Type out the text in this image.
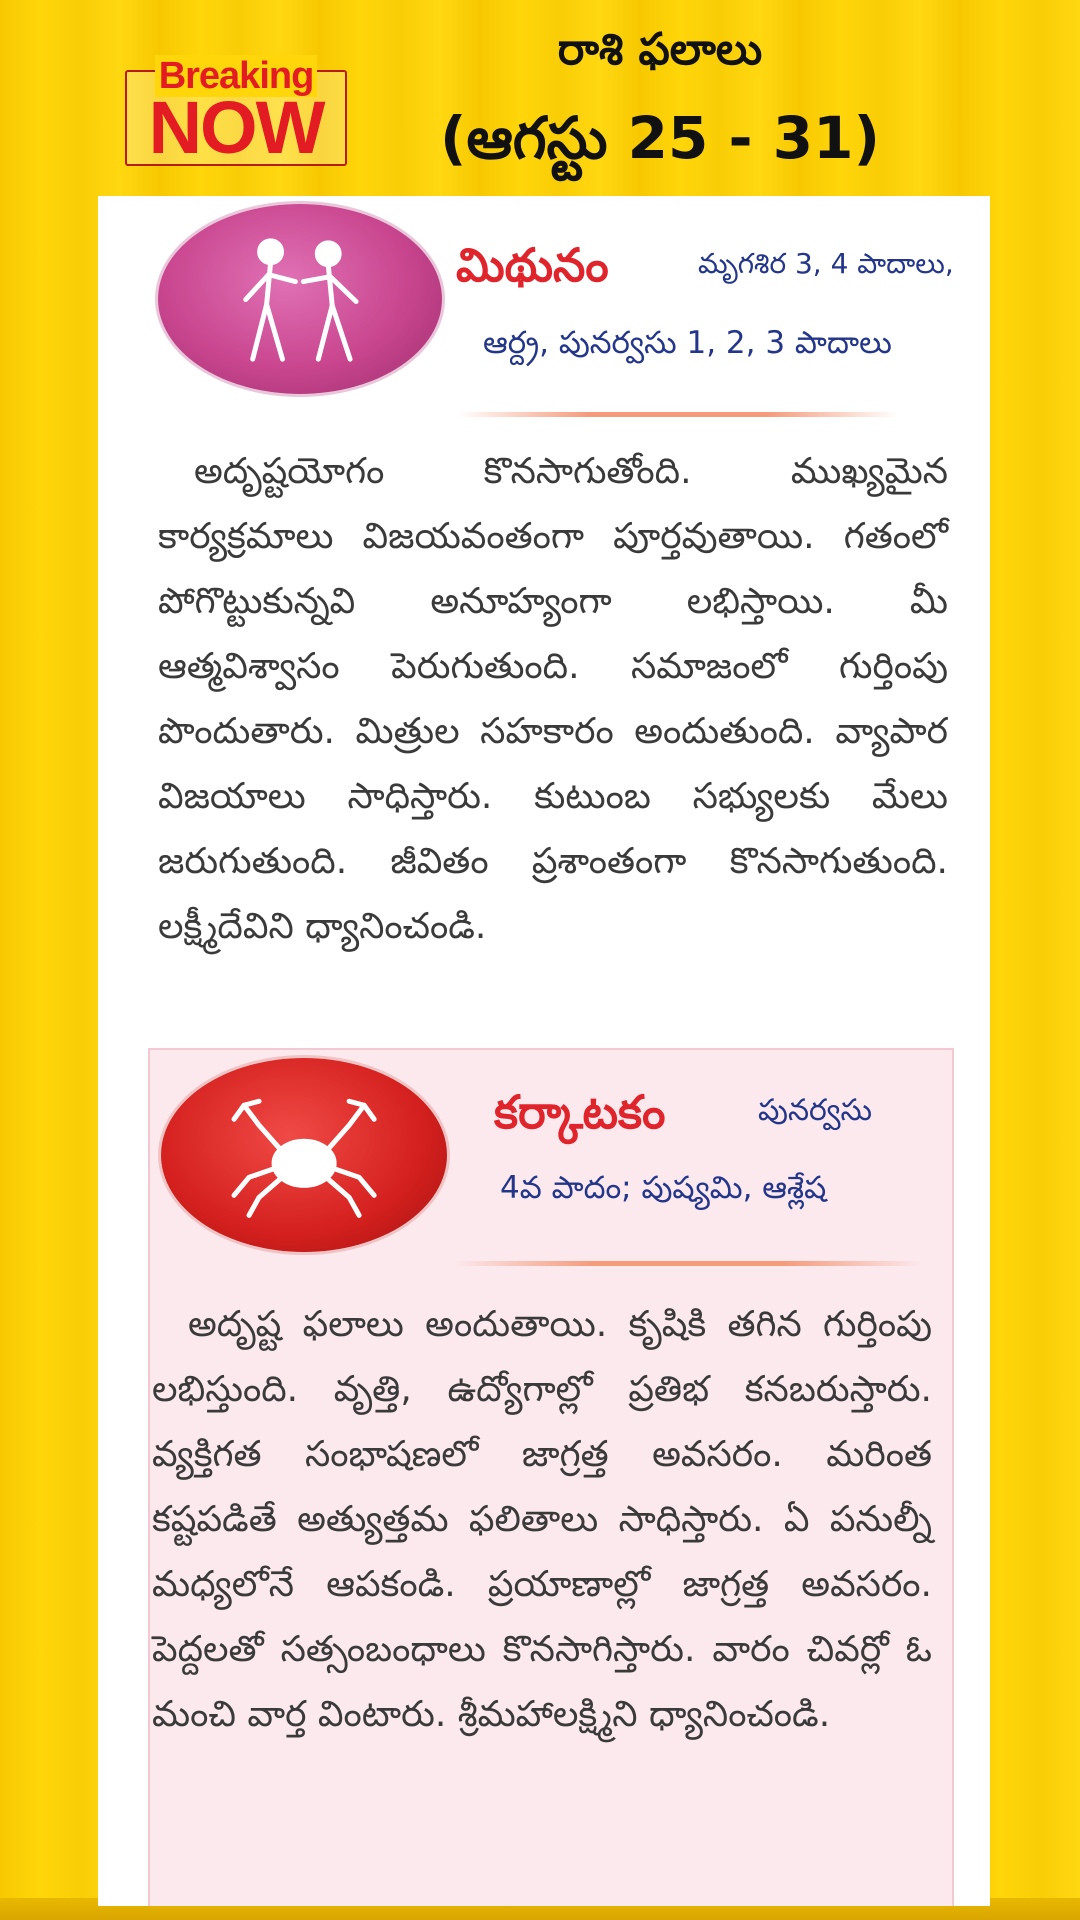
Breaking
NOW
రాశి ఫలాలు
(ఆగస్టు 25 - 31)
మిథునం	మృగశిర 3, 4 పాదాలు,
ఆర్ద్ర, పునర్వసు 1, 2, 3 పాదాలు
అదృష్టయోగం కొనసాగుతోంది. ముఖ్యమైన కార్యక్రమాలు విజయవంతంగా పూర్తవుతాయి. గతంలో పోగొట్టుకున్నవి అనూహ్యంగా లభిస్తాయి. మీ ఆత్మవిశ్వాసం పెరుగుతుంది. సమాజంలో గుర్తింపు పొందుతారు. మిత్రుల సహకారం అందుతుంది. వ్యాపార విజయాలు సాధిస్తారు. కుటుంబ సభ్యులకు మేలు జరుగుతుంది. జీవితం ప్రశాంతంగా కొనసాగుతుంది. లక్ష్మీదేవిని ధ్యానించండి.
కర్కాటకం	పునర్వసు
4వ పాదం; పుష్యమి, ఆశ్లేష
అదృష్ట ఫలాలు అందుతాయి. కృషికి తగిన గుర్తింపు లభిస్తుంది. వృత్తి, ఉద్యోగాల్లో ప్రతిభ కనబరుస్తారు. వ్యక్తిగత సంభాషణలో జాగ్రత్త అవసరం. మరింత కష్టపడితే అత్యుత్తమ ఫలితాలు సాధిస్తారు. ఏ పనుల్నీ మధ్యలోనే ఆపకండి. ప్రయాణాల్లో జాగ్రత్త అవసరం. పెద్దలతో సత్సంబంధాలు కొనసాగిస్తారు. వారం చివర్లో ఓ మంచి వార్త వింటారు. శ్రీమహాలక్ష్మిని ధ్యానించండి.
